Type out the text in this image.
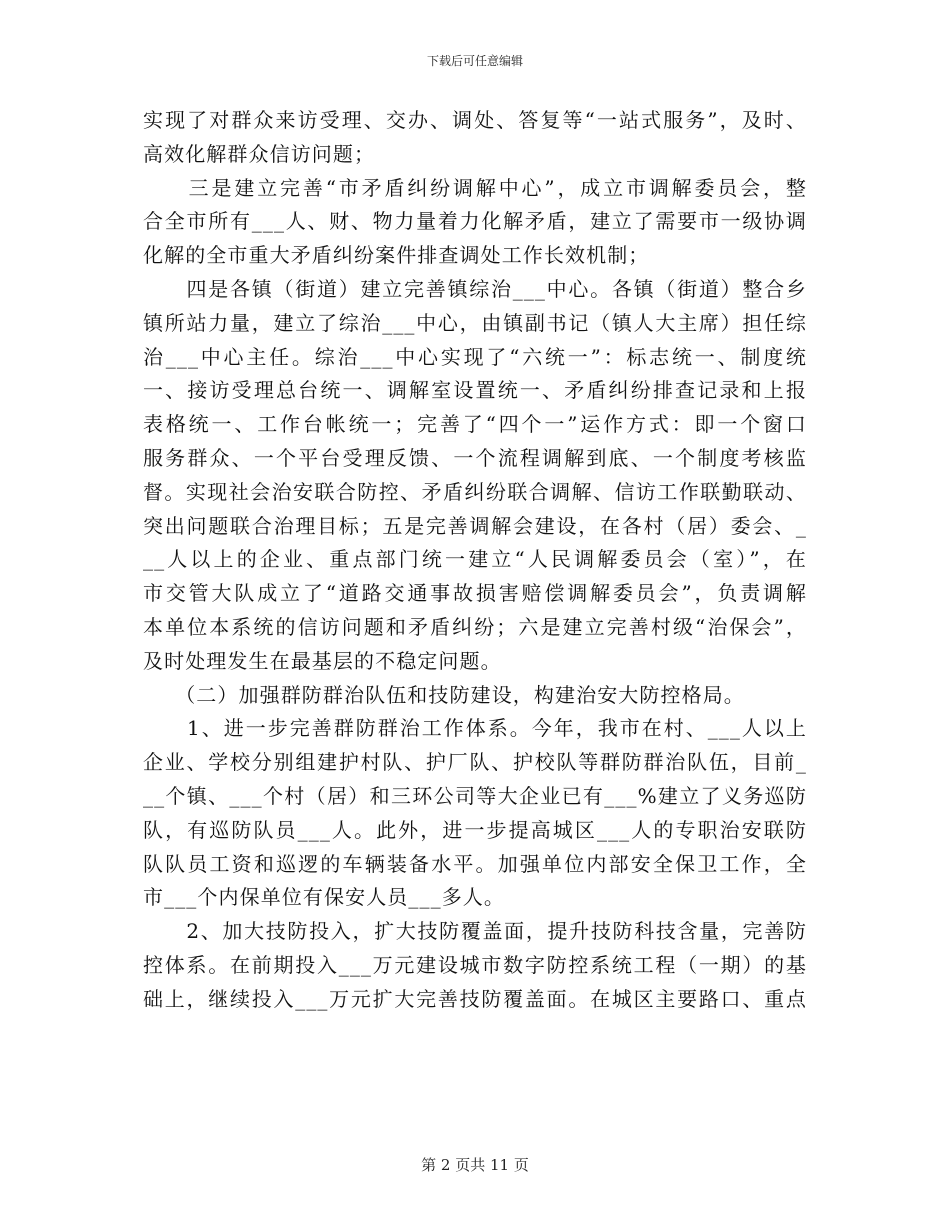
下载后可任意编辑
实现了对群众来访受理、交办、调处、答复等“一站式服务”，及时、
高效化解群众信访问题；
　　三是建立完善“市矛盾纠纷调解中心”，成立市调解委员会，整
合全市所有___人、财、物力量着力化解矛盾，建立了需要市一级协调
化解的全市重大矛盾纠纷案件排查调处工作长效机制；
　　四是各镇（街道）建立完善镇综治___中心。各镇（街道）整合乡
镇所站力量，建立了综治___中心，由镇副书记（镇人大主席）担任综
治___中心主任。综治___中心实现了“六统一”：标志统一、制度统
一、接访受理总台统一、调解室设置统一、矛盾纠纷排查记录和上报
表格统一、工作台帐统一；完善了“四个一”运作方式：即一个窗口
服务群众、一个平台受理反馈、一个流程调解到底、一个制度考核监
督。实现社会治安联合防控、矛盾纠纷联合调解、信访工作联勤联动、
突出问题联合治理目标；五是完善调解会建设，在各村（居）委会、_
__人以上的企业、重点部门统一建立“人民调解委员会（室）”，在
市交管大队成立了“道路交通事故损害赔偿调解委员会”，负责调解
本单位本系统的信访问题和矛盾纠纷；六是建立完善村级“治保会”，
及时处理发生在最基层的不稳定问题。
　　（二）加强群防群治队伍和技防建设，构建治安大防控格局。
　　1、进一步完善群防群治工作体系。今年，我市在村、___人以上
企业、学校分别组建护村队、护厂队、护校队等群防群治队伍，目前_
__个镇、___个村（居）和三环公司等大企业已有___%建立了义务巡防
队，有巡防队员___人。此外，进一步提高城区___人的专职治安联防
队队员工资和巡逻的车辆装备水平。加强单位内部安全保卫工作，全
市___个内保单位有保安人员___多人。
　　2、加大技防投入，扩大技防覆盖面，提升技防科技含量，完善防
控体系。在前期投入___万元建设城市数字防控系统工程（一期）的基
础上，继续投入___万元扩大完善技防覆盖面。在城区主要路口、重点
第 2 页共 11 页
